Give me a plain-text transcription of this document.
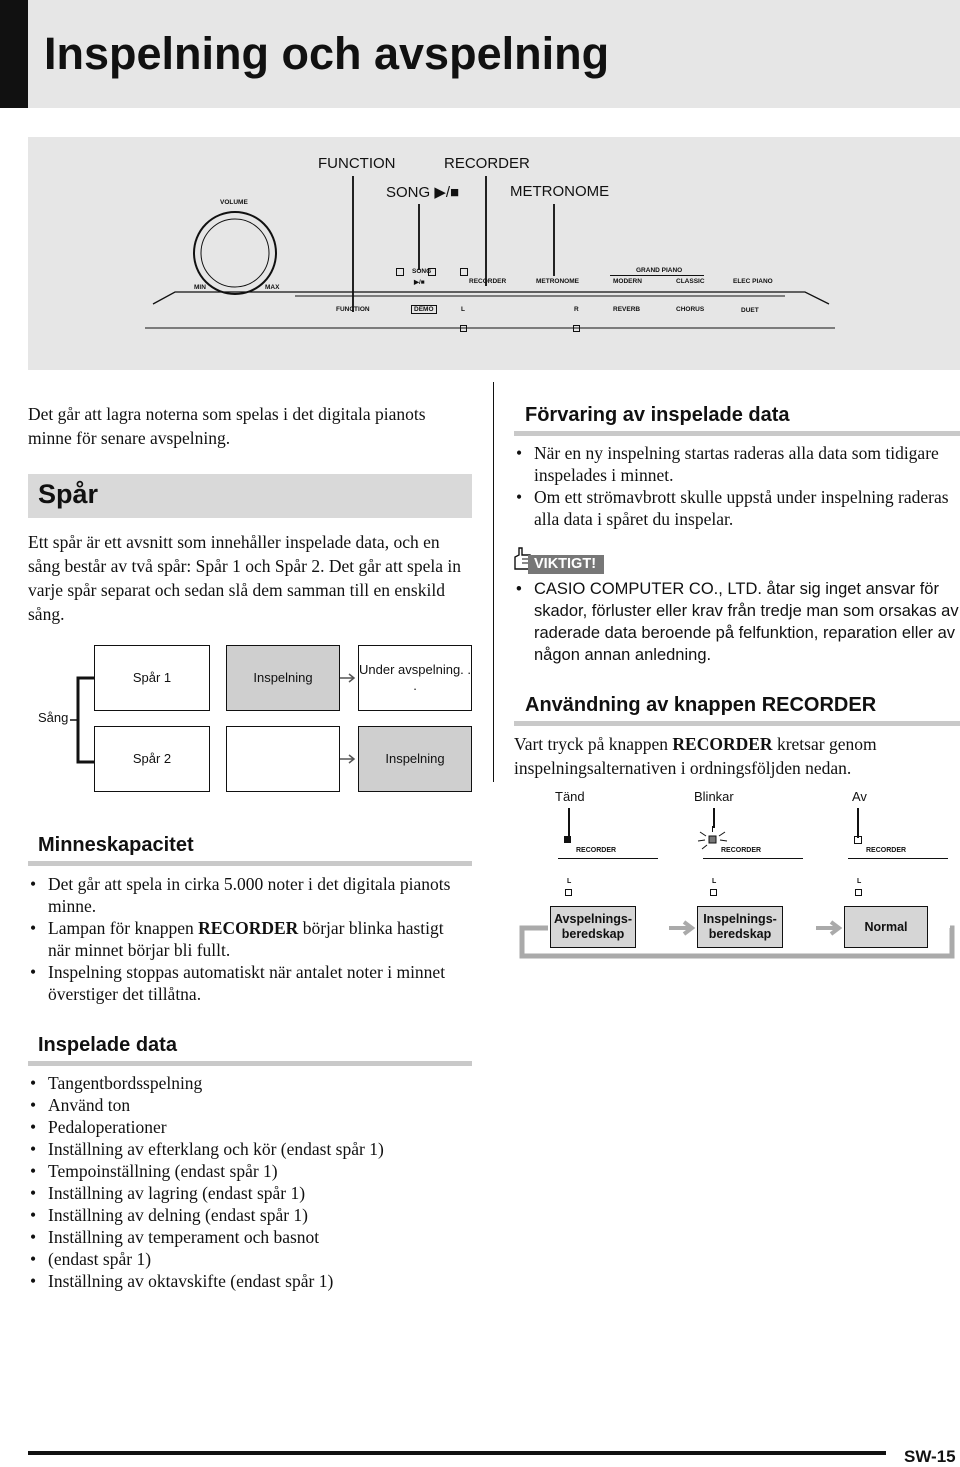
Inspelning och avspelning
FUNCTION	RECORDER
SONG ▶/■	METRONOME
VOLUME
MIN	MAX
SONG
▶/■	RECORDER	METRONOME
GRAND PIANO
MODERN	CLASSIC	ELEC PIANO
FUNCTION	DEMO	L	R	REVERB	CHORUS	DUET
Det går att lagra noterna som spelas i det digitala pianots minne för senare avspelning.
Spår
Ett spår är ett avsnitt som innehåller inspelade data, och en sång består av två spår: Spår 1 och Spår 2. Det går att spela in varje spår separat och sedan slå dem samman till en enskild sång.
Sång
Spår 1	Inspelning
Under avspelning. . .
Spår 2	Inspelning
Minneskapacitet
• Det går att spela in cirka 5.000 noter i det digitala pianots minne.
• Lampan för knappen RECORDER börjar blinka hastigt när minnet börjar bli fullt.
• Inspelning stoppas automatiskt när antalet noter i minnet överstiger det tillåtna.
Inspelade data
• Tangentbordsspelning
• Använd ton
• Pedaloperationer
• Inställning av efterklang och kör (endast spår 1)
• Tempoinställning (endast spår 1)
• Inställning av lagring (endast spår 1)
• Inställning av delning (endast spår 1)
• Inställning av temperament och basnot
• (endast spår 1)
• Inställning av oktavskifte (endast spår 1)
Förvaring av inspelade data
• När en ny inspelning startas raderas alla data som tidigare inspelades i minnet.
• Om ett strömavbrott skulle uppstå under inspelning raderas alla data i spåret du inspelar.
VIKTIGT!
• CASIO COMPUTER CO., LTD. åtar sig inget ansvar för skador, förluster eller krav från tredje man som orsakas av raderade data beroende på felfunktion, reparation eller av någon annan anledning.
Användning av knappen RECORDER
Vart tryck på knappen RECORDER kretsar genom inspelningsalternativen i ordningsföljden nedan.
Tänd	Blinkar	Av
RECORDER	RECORDER	RECORDER
L	L	L
Avspelnings-
beredskap
Inspelnings-
beredskap
Normal
SW-15
